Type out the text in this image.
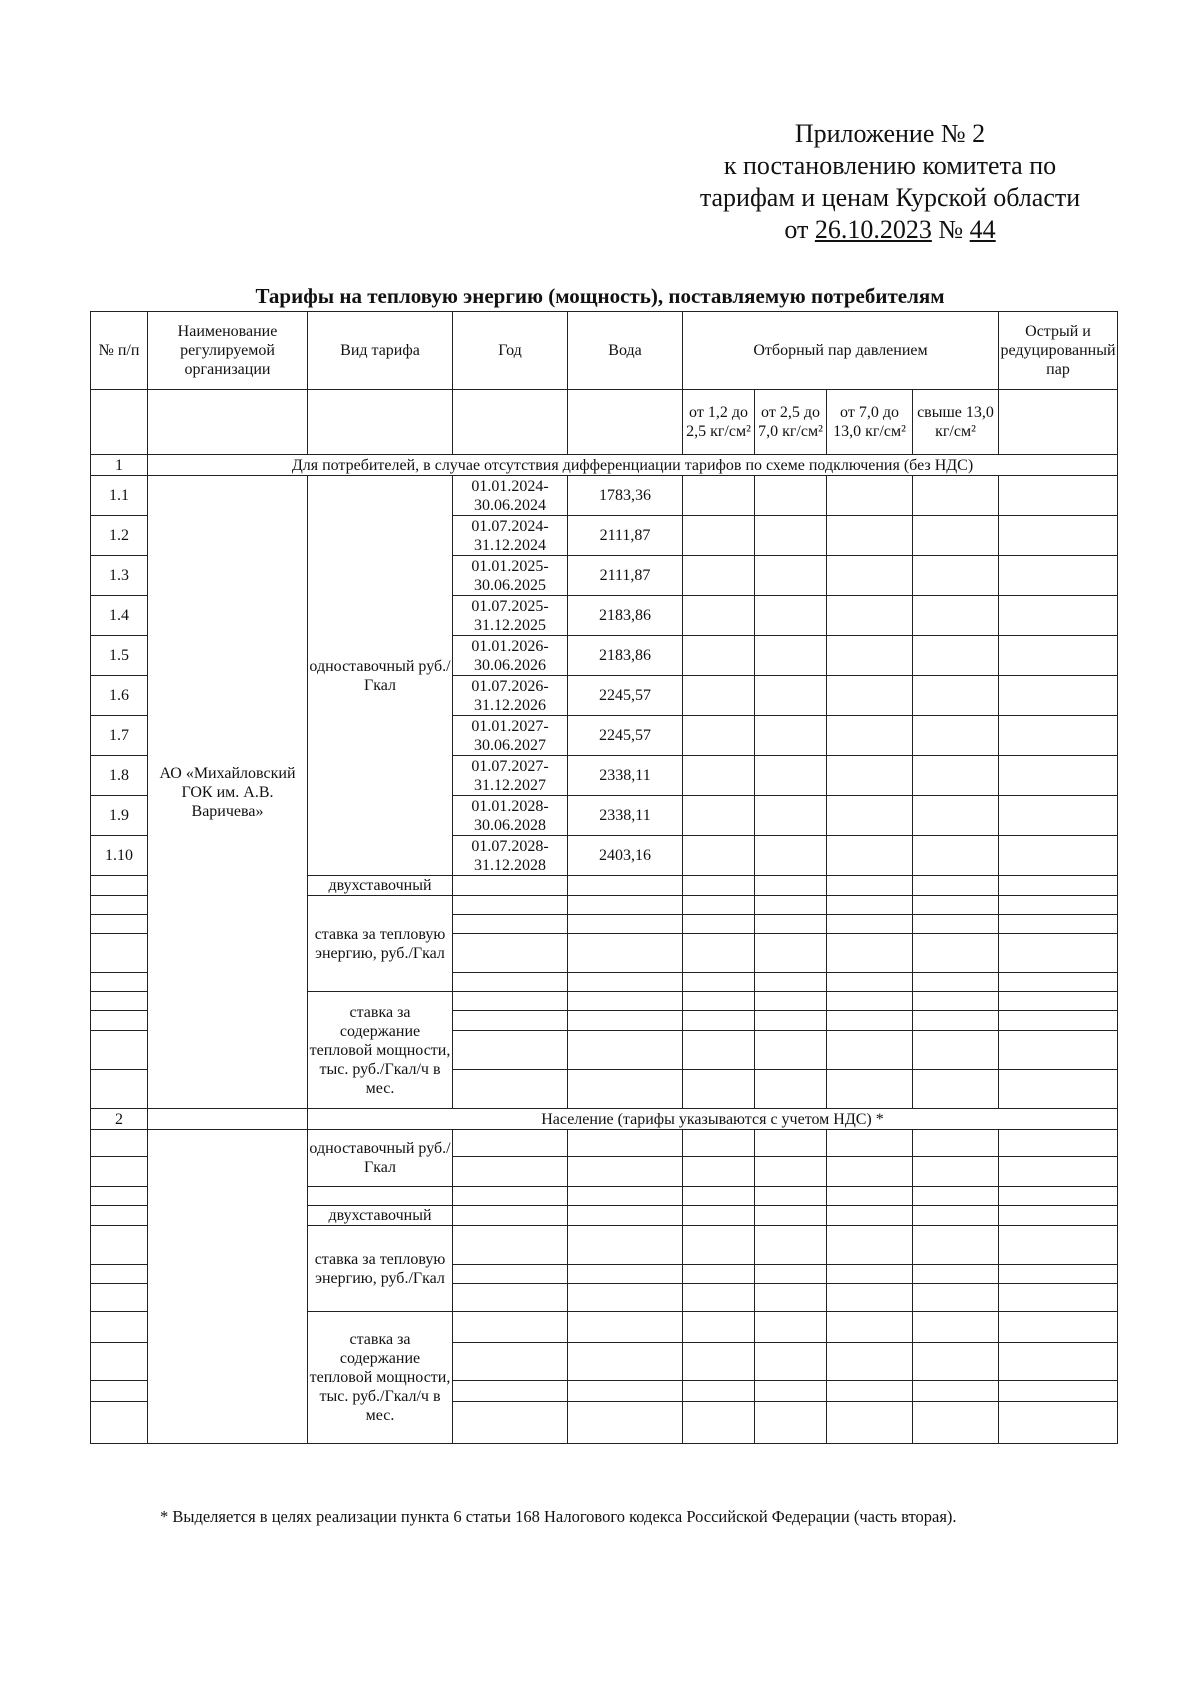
Приложение № 2
к постановлению комитета по
тарифам и ценам Курской области
от 26.10.2023 № 44
Тарифы на тепловую энергию (мощность), поставляемую потребителям
№ п/п	Наименование регулируемой организации	Вид тарифа	Год	Вода	Отборный пар давлением				Острый и редуцированный пар
					от 1,2 до 2,5 кг/см²	от 2,5 до 7,0 кг/см²	от 7,0 до 13,0 кг/см²	свыше 13,0 кг/см²	
1	Для потребителей, в случае отсутствия дифференциации тарифов по схеме подключения (без НДС)								
1.1	АО «Михайловский ГОК им. А.В. Варичева»	одноставочный руб./Гкал	01.01.2024- 30.06.2024	1783,36					
1.2			01.07.2024- 31.12.2024	2111,87					
1.3			01.01.2025- 30.06.2025	2111,87					
1.4			01.07.2025- 31.12.2025	2183,86					
1.5			01.01.2026- 30.06.2026	2183,86					
1.6			01.07.2026- 31.12.2026	2245,57					
1.7			01.01.2027- 30.06.2027	2245,57					
1.8			01.07.2027- 31.12.2027	2338,11					
1.9			01.01.2028- 30.06.2028	2338,11					
1.10			01.07.2028- 31.12.2028	2403,16					
		двухставочный							
		ставка за тепловую энергию, руб./Гкал							

		ставка за содержание тепловой мощности, тыс. руб./Гкал/ч в мес.							

2		Население (тарифы указываются с учетом НДС) *							
		одноставочный руб./Гкал							

		двухставочный							
		ставка за тепловую энергию, руб./Гкал							

		ставка за содержание тепловой мощности, тыс. руб./Гкал/ч в мес.							

* Выделяется в целях реализации пункта 6 статьи 168 Налогового кодекса Российской Федерации (часть вторая).
